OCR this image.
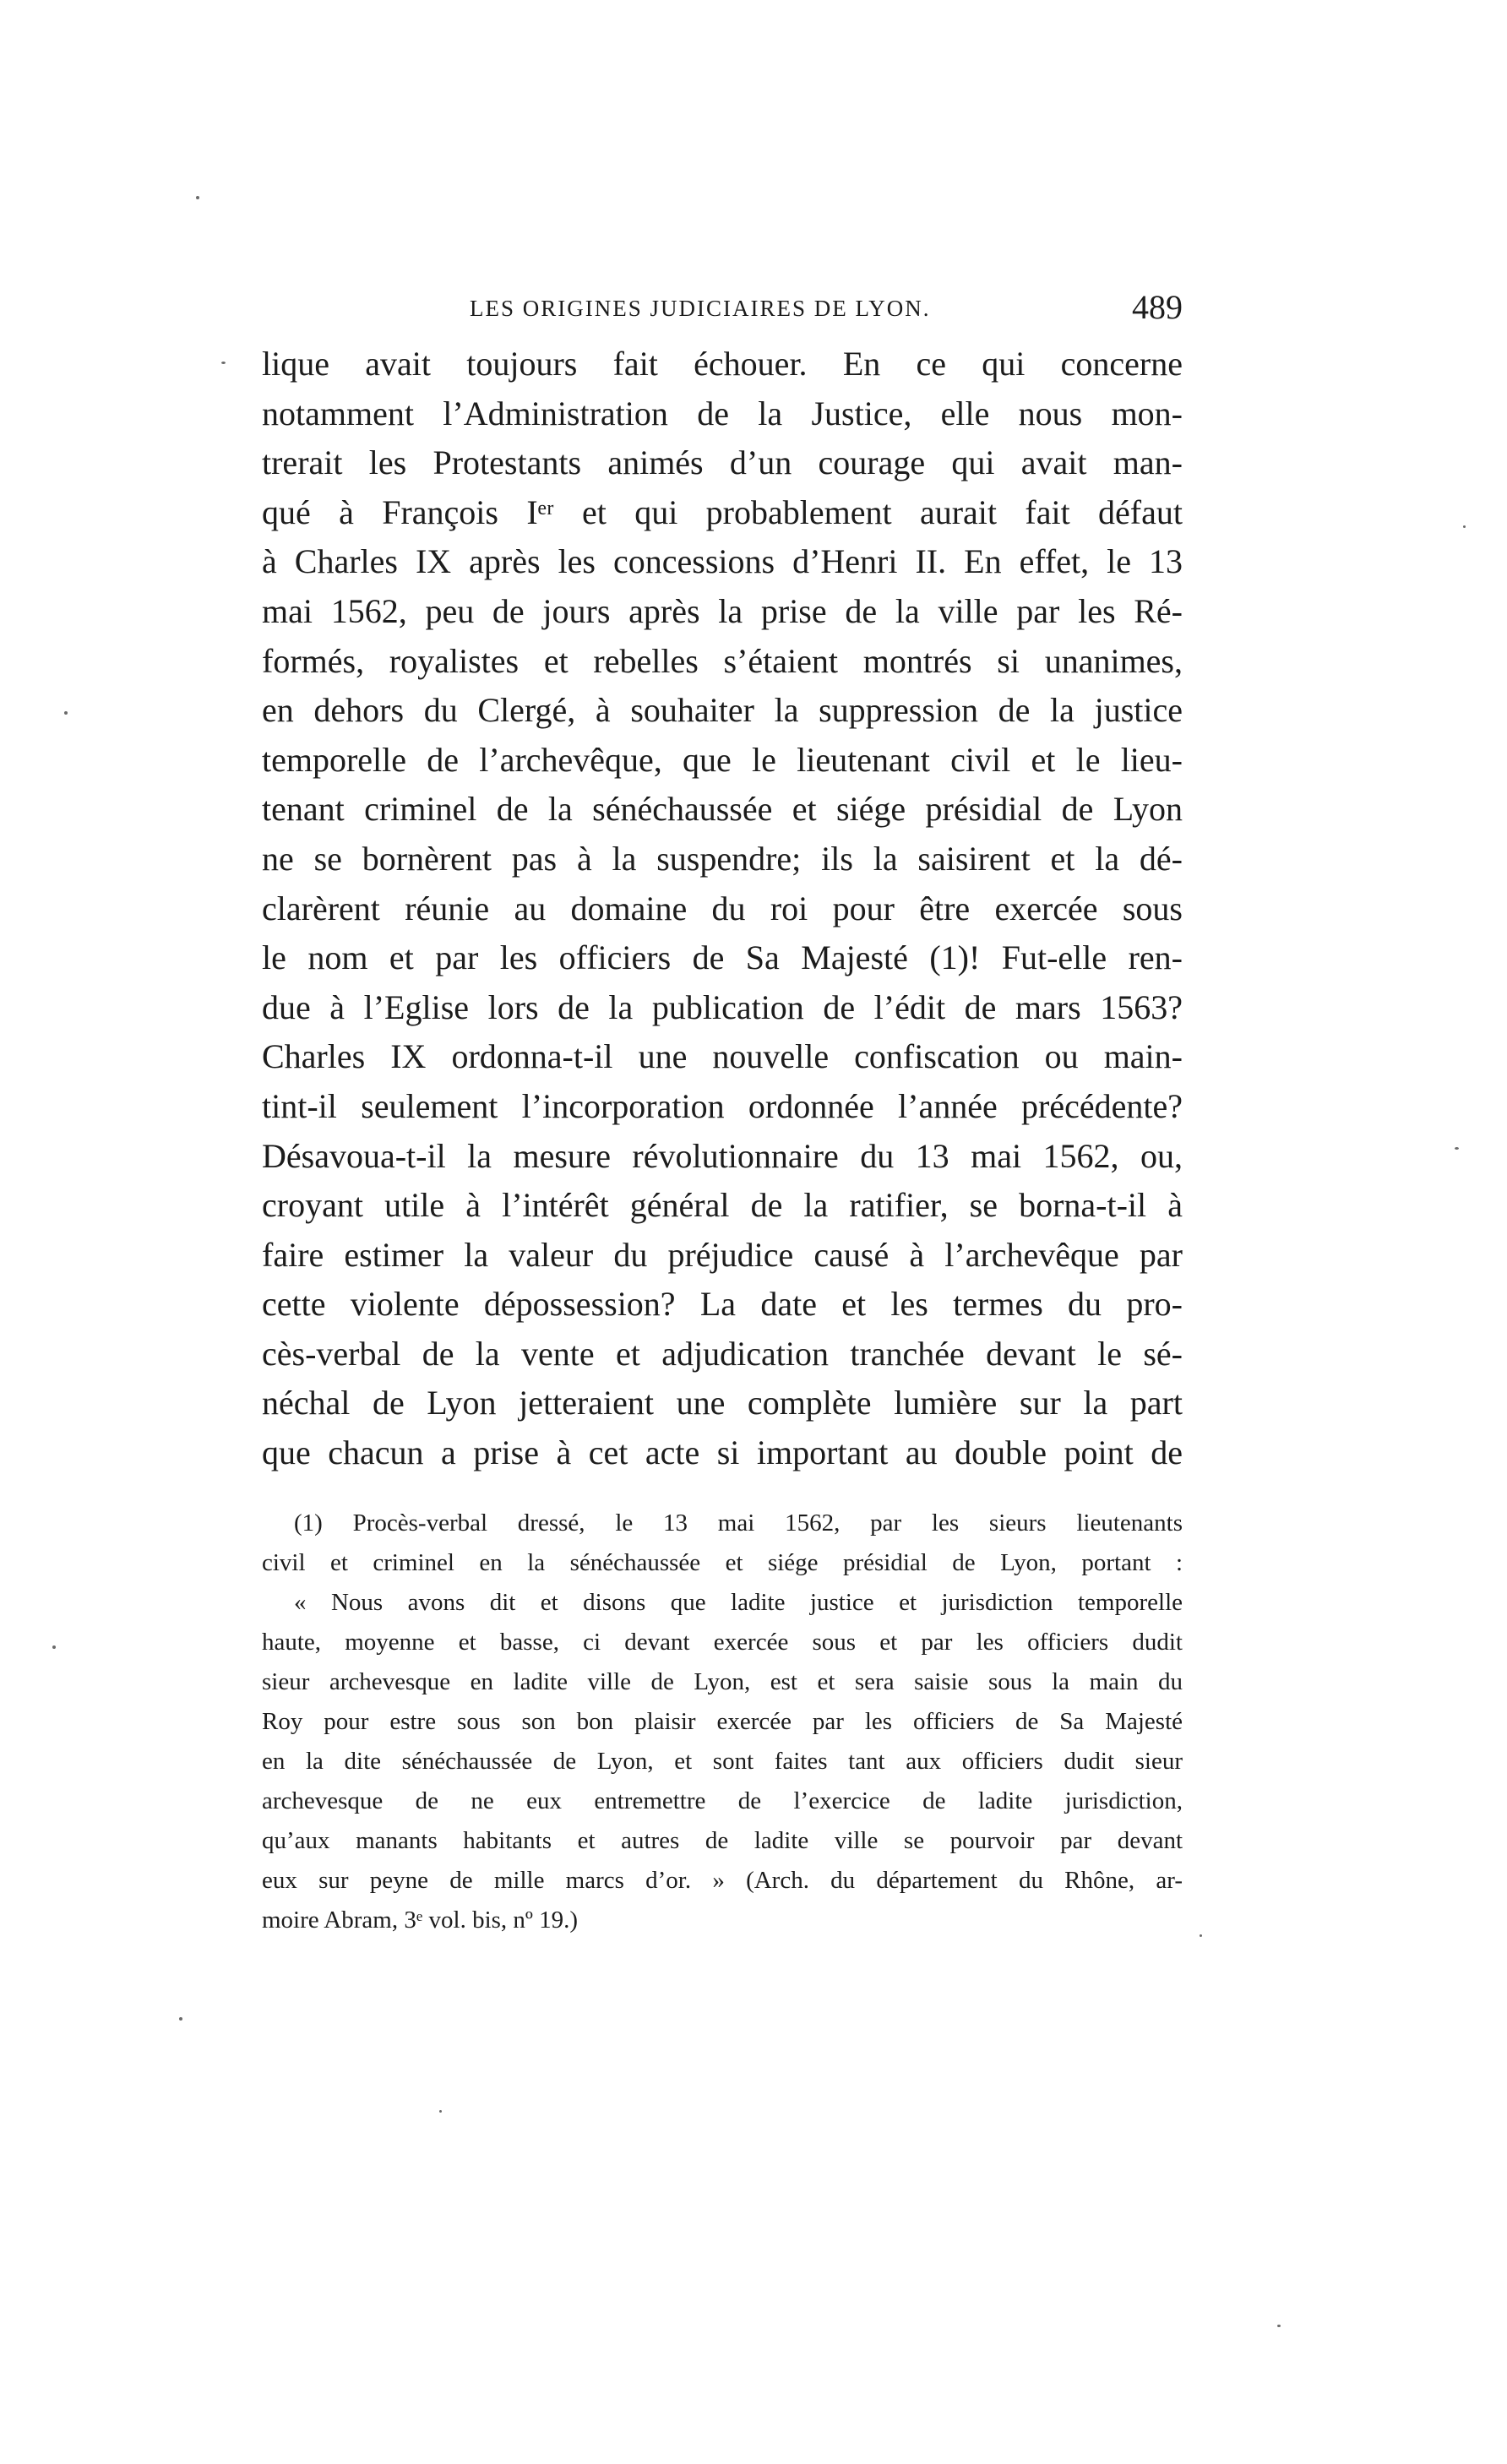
LES ORIGINES JUDICIAIRES DE LYON.	489
lique avait toujours fait échouer. En ce qui concerne
notamment l’Administration de la Justice, elle nous mon-
trerait les Protestants animés d’un courage qui avait man-
qué à François Iᵉʳ et qui probablement aurait fait défaut
à Charles IX après les concessions d’Henri II. En effet, le 13
mai 1562, peu de jours après la prise de la ville par les Ré-
formés, royalistes et rebelles s’étaient montrés si unanimes,
en dehors du Clergé, à souhaiter la suppression de la justice
temporelle de l’archevêque, que le lieutenant civil et le lieu-
tenant criminel de la sénéchaussée et siége présidial de Lyon
ne se bornèrent pas à la suspendre; ils la saisirent et la dé-
clarèrent réunie au domaine du roi pour être exercée sous
le nom et par les officiers de Sa Majesté (1)! Fut-elle ren-
due à l’Eglise lors de la publication de l’édit de mars 1563?
Charles IX ordonna-t-il une nouvelle confiscation ou main-
tint-il seulement l’incorporation ordonnée l’année précédente?
Désavoua-t-il la mesure révolutionnaire du 13 mai 1562, ou,
croyant utile à l’intérêt général de la ratifier, se borna-t-il à
faire estimer la valeur du préjudice causé à l’archevêque par
cette violente dépossession? La date et les termes du pro-
cès-verbal de la vente et adjudication tranchée devant le sé-
néchal de Lyon jetteraient une complète lumière sur la part
que chacun a prise à cet acte si important au double point de
(1) Procès-verbal dressé, le 13 mai 1562, par les sieurs lieutenants
civil et criminel en la sénéchaussée et siége présidial de Lyon, portant :
« Nous avons dit et disons que ladite justice et jurisdiction temporelle
haute, moyenne et basse, ci devant exercée sous et par les officiers dudit
sieur archevesque en ladite ville de Lyon, est et sera saisie sous la main du
Roy pour estre sous son bon plaisir exercée par les officiers de Sa Majesté
en la dite sénéchaussée de Lyon, et sont faites tant aux officiers dudit sieur
archevesque de ne eux entremettre de l’exercice de ladite jurisdiction,
qu’aux manants habitants et autres de ladite ville se pourvoir par devant
eux sur peyne de mille marcs d’or. » (Arch. du département du Rhône, ar-
moire Abram, 3ᵉ vol. bis, nº 19.)
